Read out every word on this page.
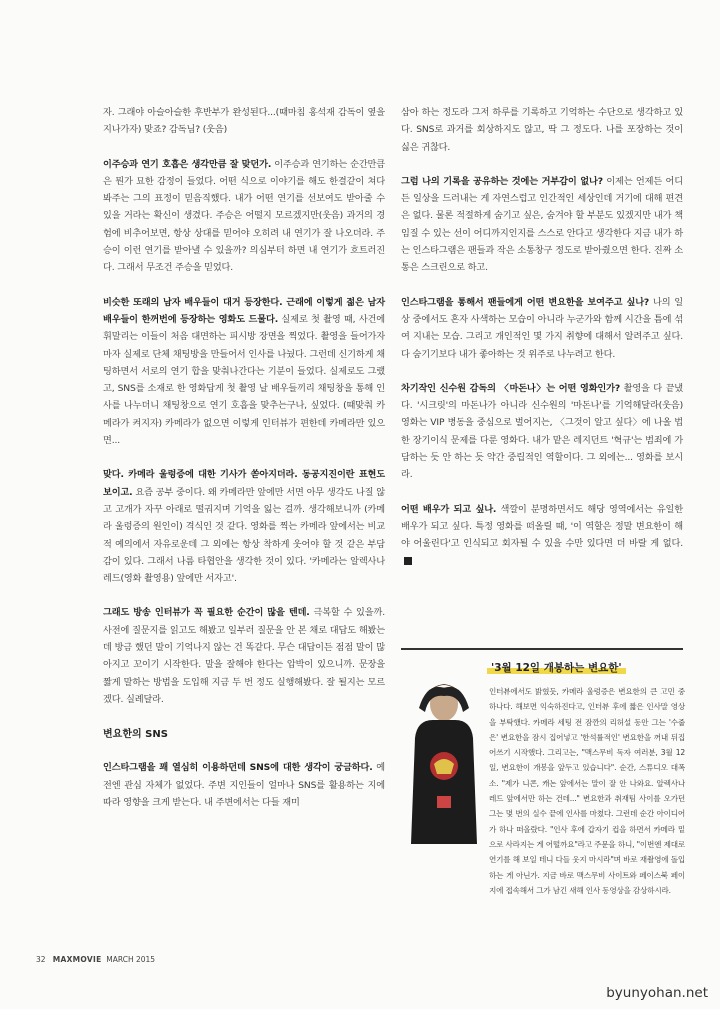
자. 그래야 아슬아슬한 후반부가 완성된다...(때마침 홍석재 감독이 옆을 지나가자) 맞죠? 감독님? (웃음)

이주승과 연기 호흡은 생각만큼 잘 맞던가. 이주승과 연기하는 순간만큼은 뭔가 묘한 감정이 들었다. 어떤 식으로 이야기를 해도 한결같이 쳐다봐주는 그의 표정이 믿음직했다. 내가 어떤 연기를 선보여도 받아줄 수 있을 거라는 확신이 생겼다. 주승은 어떨지 모르겠지만(웃음) 과거의 경험에 비추어보면, 항상 상대를 믿어야 오히려 내 연기가 잘 나오더라. 주승이 이런 연기를 받아낼 수 있을까? 의심부터 하면 내 연기가 흐트러진다. 그래서 무조건 주승을 믿었다.

비슷한 또래의 남자 배우들이 대거 등장한다. 근래에 이렇게 젊은 남자 배우들이 한꺼번에 등장하는 영화도 드물다. 실제로 첫 촬영 때, 사건에 휘말리는 이들이 처음 대면하는 피시방 장면을 찍었다. 촬영을 들어가자마자 실제로 단체 채팅방을 만들어서 인사를 나눴다. 그런데 신기하게 채팅하면서 서로의 연기 합을 맞춰나간다는 기분이 들었다. 실제로도 그랬고, SNS를 소재로 한 영화답게 첫 촬영 날 배우들끼리 채팅창을 통해 인사를 나누더니 채팅창으로 연기 호흡을 맞추는구나, 싶었다. (때맞춰 카메라가 켜지자) 카메라가 없으면 이렇게 인터뷰가 편한데 카메라만 있으면...

맞다. 카메라 울렁증에 대한 기사가 쏟아지더라. 동공지진이란 표현도 보이고. 요즘 공부 중이다. 왜 카메라만 앞에만 서면 아무 생각도 나질 않고 고개가 자꾸 아래로 떨궈지며 기억을 잃는 걸까. 생각해보니까 (카메라 울렁증의 원인이) 격식인 것 같다. 영화를 찍는 카메라 앞에서는 비교적 예의에서 자유로운데 그 외에는 항상 착하게 웃어야 할 것 같은 부담감이 있다. 그래서 나름 타협안을 생각한 것이 있다. '카메라는 알렉사나 레드(영화 촬영용) 앞에만 서자고'.

그래도 방송 인터뷰가 꼭 필요한 순간이 많을 텐데. 극복할 수 있을까. 사전에 질문지를 읽고도 해봤고 일부러 질문을 안 본 채로 대답도 해봤는데 방금 했던 말이 기억나지 않는 건 똑같다. 무슨 대답이든 점점 말이 많아지고 꼬이기 시작한다. 말을 잘해야 한다는 압박이 있으니까. 문장을 짧게 말하는 방법을 도입해 지금 두 번 정도 실행해봤다. 잘 될지는 모르겠다. 실례달라.

변요한의 SNS

인스타그램을 꽤 열심히 이용하던데 SNS에 대한 생각이 궁금하다. 예전엔 관심 자체가 없었다. 주변 지인들이 얼마나 SNS를 활용하는 지에 따라 영향을 크게 받는다. 내 주변에서는 다들 재미

삼아 하는 정도라 그저 하루를 기록하고 기억하는 수단으로 생각하고 있다. SNS로 과거를 회상하지도 않고, 딱 그 정도다. 나를 포장하는 것이 싫은 귀찮다.

그럼 나의 기록을 공유하는 것에는 거부감이 없나? 이제는 언제든 어디든 일상을 드러내는 게 자연스럽고 인간적인 세상인데 거기에 대해 편견은 없다. 물론 적절하게 숨기고 싶은, 숨겨야 할 부분도 있겠지만 내가 책임질 수 있는 선이 어디까지인지를 스스로 안다고 생각한다 지금 내가 하는 인스타그램은 팬들과 작은 소통창구 정도로 받아줬으면 한다. 진짜 소통은 스크린으로 하고.

인스타그램을 통해서 팬들에게 어떤 변요한을 보여주고 싶나? 나의 일상 중에서도 혼자 사색하는 모습이 아니라 누군가와 함께 시간을 틈에 섞여 지내는 모습. 그리고 개인적인 몇 가지 취향에 대해서 알려주고 싶다. 다 숨기기보다 내가 좋아하는 것 위주로 나누려고 한다.

차기작인 신수원 감독의 〈마돈나〉는 어떤 영화인가? 촬영을 다 끝냈다. '시크릿'의 마돈나가 아니라 신수원의 '마돈나'를 기억해달라(웃음) 영화는 VIP 병동을 중심으로 벌어지는, 〈그것이 알고 싶다〉에 나올 법한 장기이식 문제를 다룬 영화다. 내가 맡은 레지던트 '혁규'는 범죄에 가담하는 듯 안 하는 듯 약간 중립적인 역할이다. 그 외에는... 영화를 보시라.

어떤 배우가 되고 싶나. 색깔이 분명하면서도 해당 영역에서는 유일한 배우가 되고 싶다. 특정 영화를 떠올릴 때, '이 역할은 정말 변요한이 해야 어울린다'고 인식되고 회자될 수 있을 수만 있다면 더 바랄 게 없다.

'3월 12일 개봉하는 변요한'

인터뷰에서도 밝혔듯, 카메라 울렁증은 변요한의 큰 고민 중 하나다. 해보면 익숙하진다고, 인터뷰 후에 짧은 인사말 영상을 부탁했다. 카메라 세팅 전 잠깐의 리허설 동안 그는 '수줍은' 변요한을 잠시 집어넣고 '한석률적인' 변요한을 꺼내 뒤집어쓰기 시작했다. 그리고는, "맥스무비 독자 여러분, 3월 12일, 변요한이 개봉을 앞두고 있습니다". 순간, 스튜디오 대폭소. "제가 니콘, 캐논 앞에서는 말이 잘 안 나와요. 알렉사나 레드 앞에서만 하는 건데..." 변요한과 취재팀 사이를 오가던 그는 몇 번의 실수 끝에 인사를 마쳤다. 그런데 순간 아이디어가 하나 떠올랐다. "인사 후에 갑자기 컵을 하면서 카메라 밑으로 사라지는 게 어떨까요"라고 주문을 하니, "이번엔 제대로 연기를 해 보일 테니 다들 웃지 마시라"며 바로 재촬영에 돌입하는 게 아닌가. 지금 바로 맥스무비 사이트와 페이스북 페이지에 접속해서 그가 남긴 새해 인사 동영상을 감상하시라.

32 MAXMOVIE MARCH 2015
byunyohan.net
